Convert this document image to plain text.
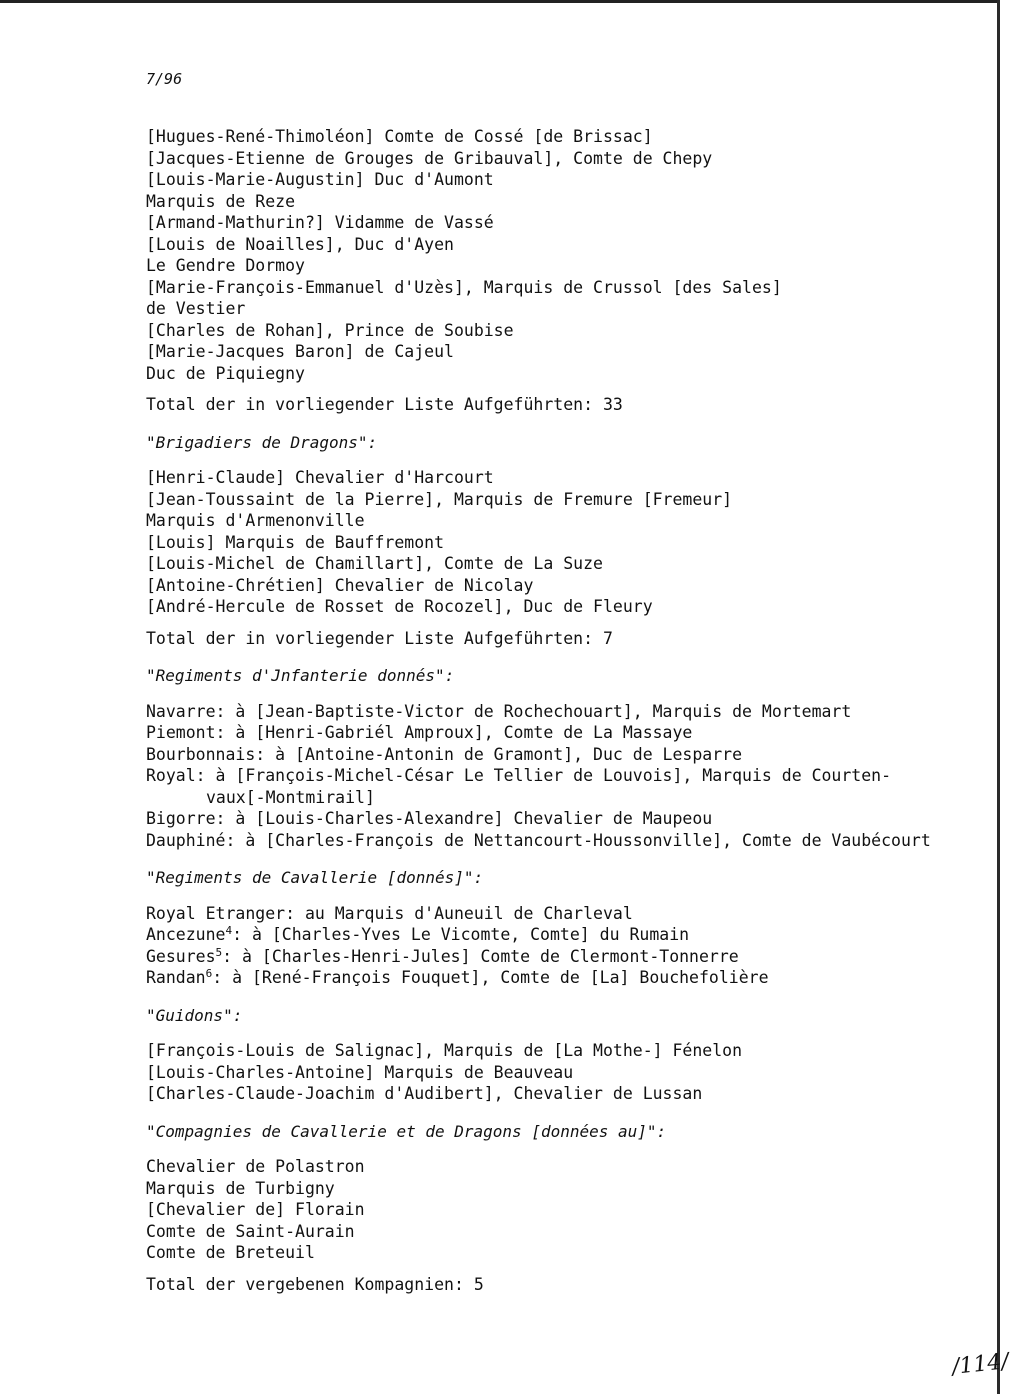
7/96
[Hugues-René-Thimoléon] Comte de Cossé [de Brissac]
[Jacques-Etienne de Grouges de Gribauval], Comte de Chepy
[Louis-Marie-Augustin] Duc d'Aumont
Marquis de Reze
[Armand-Mathurin?] Vidamme de Vassé
[Louis de Noailles], Duc d'Ayen
Le Gendre Dormoy
[Marie-François-Emmanuel d'Uzès], Marquis de Crussol [des Sales]
de Vestier
[Charles de Rohan], Prince de Soubise
[Marie-Jacques Baron] de Cajeul
Duc de Piquiegny
Total der in vorliegender Liste Aufgeführten: 33
"Brigadiers de Dragons":
[Henri-Claude] Chevalier d'Harcourt
[Jean-Toussaint de la Pierre], Marquis de Fremure [Fremeur]
Marquis d'Armenonville
[Louis] Marquis de Bauffremont
[Louis-Michel de Chamillart], Comte de La Suze
[Antoine-Chrétien] Chevalier de Nicolay
[André-Hercule de Rosset de Rocozel], Duc de Fleury
Total der in vorliegender Liste Aufgeführten: 7
"Regiments d'Jnfanterie donnés":
Navarre: à [Jean-Baptiste-Victor de Rochechouart], Marquis de Mortemart
Piemont: à [Henri-Gabriél Amproux], Comte de La Massaye
Bourbonnais: à [Antoine-Antonin de Gramont], Duc de Lesparre
Royal: à [François-Michel-César Le Tellier de Louvois], Marquis de Courten-
vaux[-Montmirail]
Bigorre: à [Louis-Charles-Alexandre] Chevalier de Maupeou
Dauphiné: à [Charles-François de Nettancourt-Houssonville], Comte de Vaubécourt
"Regiments de Cavallerie [donnés]":
Royal Etranger: au Marquis d'Auneuil de Charleval
Ancezune$^4$: à [Charles-Yves Le Vicomte, Comte] du Rumain
Gesures$^5$: à [Charles-Henri-Jules] Comte de Clermont-Tonnerre
Randan$^6$: à [René-François Fouquet], Comte de [La] Bouchefolière
"Guidons":
[François-Louis de Salignac], Marquis de [La Mothe-] Fénelon
[Louis-Charles-Antoine] Marquis de Beauveau
[Charles-Claude-Joachim d'Audibert], Chevalier de Lussan
"Compagnies de Cavallerie et de Dragons [données au]":
Chevalier de Polastron
Marquis de Turbigny
[Chevalier de] Florain
Comte de Saint-Aurain
Comte de Breteuil
Total der vergebenen Kompagnien: 5
/114/
